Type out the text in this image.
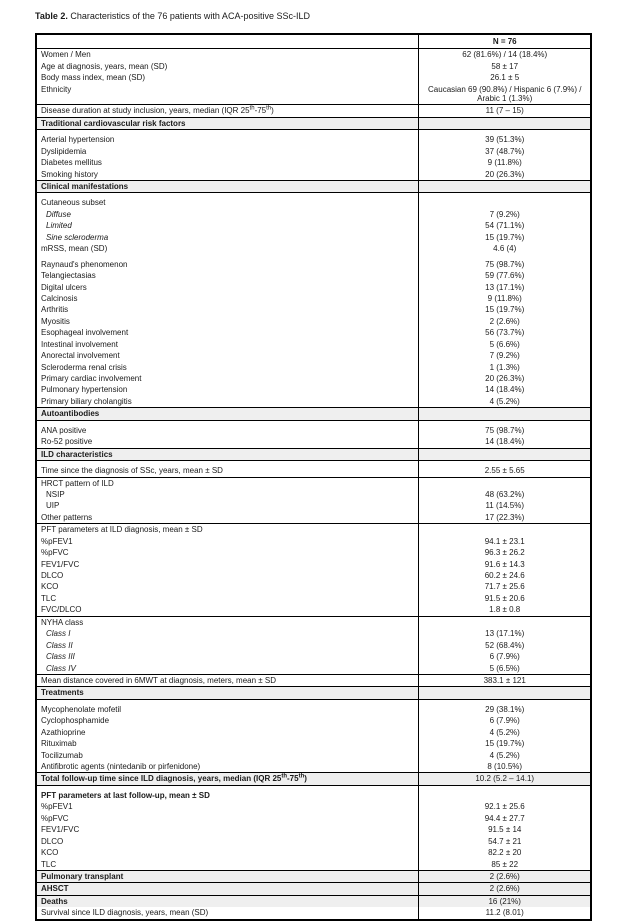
Table 2. Characteristics of the 76 patients with ACA-positive SSc-ILD

	N = 76
Women / Men	62 (81.6%) / 14 (18.4%)
Age at diagnosis, years, mean (SD)	58 ± 17
Body mass index, mean (SD)	26.1 ± 5
Ethnicity	Caucasian 69 (90.8%) / Hispanic 6 (7.9%) / Arabic 1 (1.3%)
Disease duration at study inclusion, years, median (IQR 25th-75th)	11 (7 – 15)
Traditional cardiovascular risk factors	
Arterial hypertension	39 (51.3%)
Dyslipidemia	37 (48.7%)
Diabetes mellitus	9 (11.8%)
Smoking history	20 (26.3%)
Clinical manifestations	
Cutaneous subset	
Diffuse	7 (9.2%)
Limited	54 (71.1%)
Sine scleroderma	15 (19.7%)
mRSS, mean (SD)	4.6 (4)
Raynaud's phenomenon	75 (98.7%)
Telangiectasias	59 (77.6%)
Digital ulcers	13 (17.1%)
Calcinosis	9 (11.8%)
Arthritis	15 (19.7%)
Myositis	2 (2.6%)
Esophageal involvement	56 (73.7%)
Intestinal involvement	5 (6.6%)
Anorectal involvement	7 (9.2%)
Scleroderma renal crisis	1 (1.3%)
Primary cardiac involvement	20 (26.3%)
Pulmonary hypertension	14 (18.4%)
Primary biliary cholangitis	4 (5.2%)
Autoantibodies	
ANA positive	75 (98.7%)
Ro-52 positive	14 (18.4%)
ILD characteristics	
Time since the diagnosis of SSc, years, mean ± SD	2.55 ± 5.65
HRCT pattern of ILD	
NSIP	48 (63.2%)
UIP	11 (14.5%)
Other patterns	17 (22.3%)
PFT parameters at ILD diagnosis, mean ± SD	
%pFEV1	94.1 ± 23.1
%pFVC	96.3 ± 26.2
FEV1/FVC	91.6 ± 14.3
DLCO	60.2 ± 24.6
KCO	71.7 ± 25.6
TLC	91.5 ± 20.6
FVC/DLCO	1.8 ± 0.8
NYHA class	
Class I	13 (17.1%)
Class II	52 (68.4%)
Class III	6 (7.9%)
Class IV	5 (6.5%)
Mean distance covered in 6MWT at diagnosis, meters, mean ± SD	383.1 ± 121
Treatments	
Mycophenolate mofetil	29 (38.1%)
Cyclophosphamide	6 (7.9%)
Azathioprine	4 (5.2%)
Rituximab	15 (19.7%)
Tocilizumab	4 (5.2%)
Antifibrotic agents (nintedanib or pirfenidone)	8 (10.5%)
Total follow-up time since ILD diagnosis, years, median (IQR 25th-75th)	10.2 (5.2 – 14.1)
PFT parameters at last follow-up, mean ± SD	
%pFEV1	92.1 ± 25.6
%pFVC	94.4 ± 27.7
FEV1/FVC	91.5 ± 14
DLCO	54.7 ± 21
KCO	82.2 ± 20
TLC	85 ± 22
Pulmonary transplant	2 (2.6%)
AHSCT	2 (2.6%)
Deaths	16 (21%)
Survival since ILD diagnosis, years, mean (SD)	11.2 (8.01)
